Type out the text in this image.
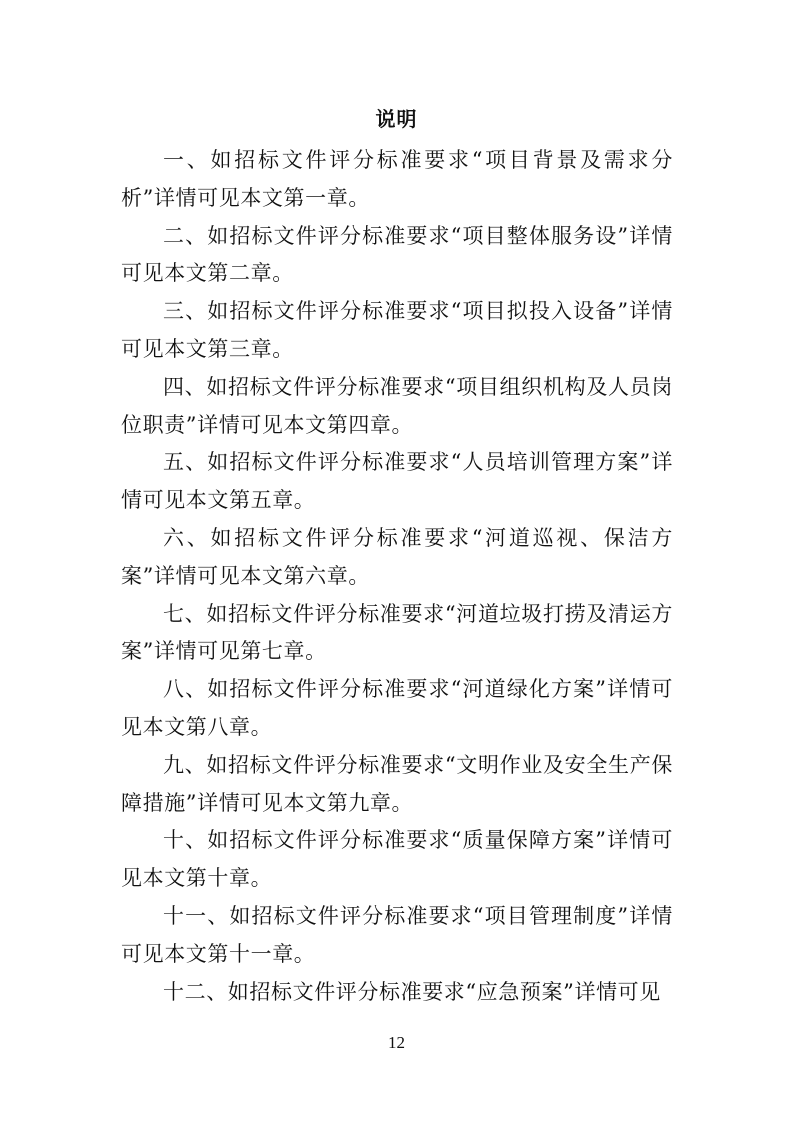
说明

一、如招标文件评分标准要求“项目背景及需求分析”详情可见本文第一章。

二、如招标文件评分标准要求“项目整体服务设”详情可见本文第二章。

三、如招标文件评分标准要求“项目拟投入设备”详情可见本文第三章。

四、如招标文件评分标准要求“项目组织机构及人员岗位职责”详情可见本文第四章。

五、如招标文件评分标准要求“人员培训管理方案”详情可见本文第五章。

六、如招标文件评分标准要求“河道巡视、保洁方案”详情可见本文第六章。

七、如招标文件评分标准要求“河道垃圾打捞及清运方案”详情可见第七章。

八、如招标文件评分标准要求“河道绿化方案”详情可见本文第八章。

九、如招标文件评分标准要求“文明作业及安全生产保障措施”详情可见本文第九章。

十、如招标文件评分标准要求“质量保障方案”详情可见本文第十章。

十一、如招标文件评分标准要求“项目管理制度”详情可见本文第十一章。

十二、如招标文件评分标准要求“应急预案”详情可见

12
